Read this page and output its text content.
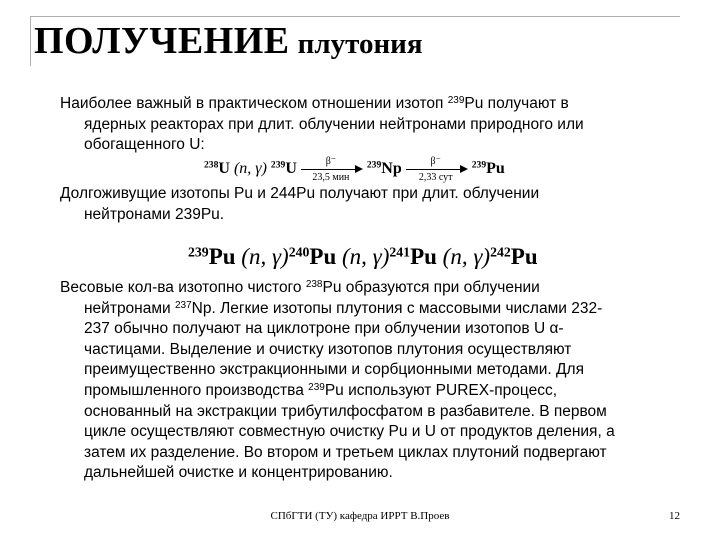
ПОЛУЧЕНИЕ плутония

Наиболее важный в практическом отношении изотоп $^{239}$Pu получают в
ядерных реакторах при длит. облучении нейтронами природного или
обогащенного U:

$^{238}$U (n, γ) $^{239}$U	β⁻
23,5 мин
$^{239}$Np	β⁻
2,33 сут
$^{239}$Pu

Долгоживущие изотопы Pu и 244Pu получают при длит. облучении
нейтронами 239Pu.

$^{239}$Pu (n, γ)$^{240}$Pu (n, γ)$^{241}$Pu (n, γ)$^{242}$Pu

Весовые кол-ва изотопно чистого $^{238}$Pu образуются при облучении
нейтронами $^{237}$Np. Легкие изотопы плутония с массовыми числами 232-
237 обычно получают на циклотроне при облучении изотопов U α-
частицами. Выделение и очистку изотопов плутония осуществляют
преимущественно экстракционными и сорбционными методами. Для
промышленного производства $^{239}$Pu используют PUREX-процесс,
основанный на экстракции трибутилфосфатом в разбавителе. В первом
цикле осуществляют совместную очистку Pu и U от продуктов деления, а
затем их разделение. Во втором и третьем циклах плутоний подвергают
дальнейшей очистке и концентрированию.

СПбГТИ (ТУ) кафедра ИРРТ В.Проев	12
